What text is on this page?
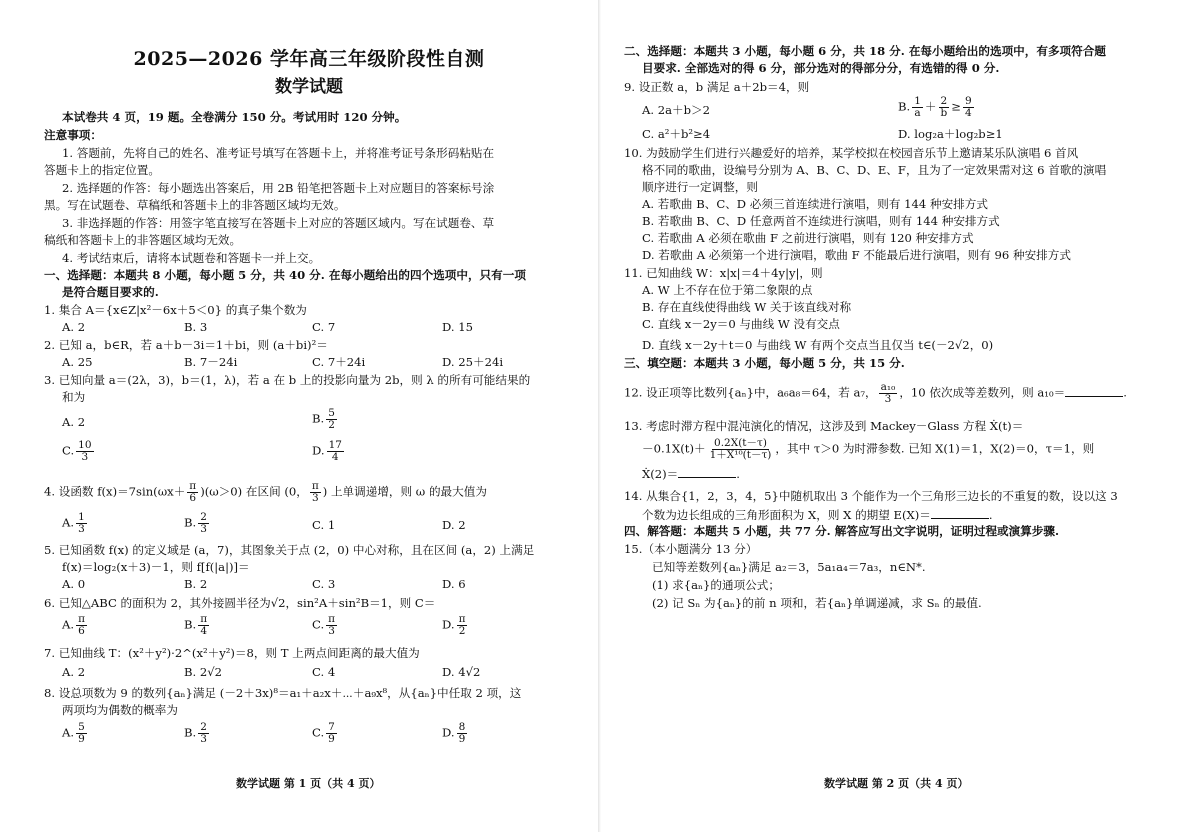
2025—2026 学年高三年级阶段性自测
数学试题
本试卷共 4 页，19 题。全卷满分 150 分。考试用时 120 分钟。
注意事项：
1. 答题前，先将自己的姓名、准考证号填写在答题卡上，并将准考证号条形码粘贴在
答题卡上的指定位置。
2. 选择题的作答：每小题选出答案后，用 2B 铅笔把答题卡上对应题目的答案标号涂
黑。写在试题卷、草稿纸和答题卡上的非答题区域均无效。
3. 非选择题的作答：用签字笔直接写在答题卡上对应的答题区域内。写在试题卷、草
稿纸和答题卡上的非答题区域均无效。
4. 考试结束后，请将本试题卷和答题卡一并上交。
一、选择题：本题共 8 小题，每小题 5 分，共 40 分. 在每小题给出的四个选项中，只有一项
是符合题目要求的.
1. 集合 A＝{x∈Z|x²－6x＋5＜0} 的真子集个数为
A. 2	B. 3	C. 7	D. 15
2. 已知 a，b∈R，若 a＋b－3i＝1＋bi，则 (a＋bi)²＝
A. 25	B. 7－24i	C. 7＋24i	D. 25＋24i
3. 已知向量 a＝(2λ，3)，b＝(1，λ)，若 a 在 b 上的投影向量为 2b，则 λ 的所有可能结果的
和为
A. 2	B. $\frac{5}{2}$
C. $\frac{10}{3}$	D. $\frac{17}{4}$
4. 设函数 $f(x)=7\sin(\omega x+ \frac{\pi}{6} )(\omega>0)$ 在区间 (0， $\frac{\pi}{3}$ ) 上单调递增，则 ω 的最大值为
A. $\frac{1}{3}$	B. $\frac{2}{3}$	C. 1	D. 2
5. 已知函数 f(x) 的定义域是 (a，7)，其图象关于点 (2，0) 中心对称，且在区间 (a，2) 上满足
f(x)＝log₂(x＋3)－1，则 f[f(|a|)]＝
A. 0	B. 2	C. 3	D. 6
6. 已知△ABC 的面积为 2，其外接圆半径为√2，sin²A＋sin²B＝1，则 C＝
A. $\frac{\pi}{6}$	B. $\frac{\pi}{4}$	C. $\frac{\pi}{3}$	D. $\frac{\pi}{2}$
7. 已知曲线 T：(x²＋y²)·2^(x²＋y²)＝8，则 T 上两点间距离的最大值为
A. 2	B. 2√2	C. 4	D. 4√2
8. 设总项数为 9 的数列{aₙ}满足 (－2＋3x)⁸＝a₁＋a₂x＋⋯＋a₉x⁸，从{aₙ}中任取 2 项，这
两项均为偶数的概率为
A. $\frac{5}{9}$	B. $\frac{2}{3}$	C. $\frac{7}{9}$	D. $\frac{8}{9}$
数学试题 第 1 页（共 4 页）
二、选择题：本题共 3 小题，每小题 6 分，共 18 分. 在每小题给出的选项中，有多项符合题
目要求. 全部选对的得 6 分，部分选对的得部分分，有选错的得 0 分.
9. 设正数 a，b 满足 a＋2b＝4，则
A. 2a＋b＞2	B. $\frac{1}{a} + \frac{2}{b} \ge \frac{9}{4}$
C. a²＋b²≥4	D. log₂a＋log₂b≥1
10. 为鼓励学生们进行兴趣爱好的培养，某学校拟在校园音乐节上邀请某乐队演唱 6 首风
格不同的歌曲，设编号分别为 A、B、C、D、E、F，且为了一定效果需对这 6 首歌的演唱
顺序进行一定调整，则
A. 若歌曲 B、C、D 必须三首连续进行演唱，则有 144 种安排方式
B. 若歌曲 B、C、D 任意两首不连续进行演唱，则有 144 种安排方式
C. 若歌曲 A 必须在歌曲 F 之前进行演唱，则有 120 种安排方式
D. 若歌曲 A 必须第一个进行演唱，歌曲 F 不能最后进行演唱，则有 96 种安排方式
11. 已知曲线 W：x|x|＝4＋4y|y|，则
A. W 上不存在位于第二象限的点
B. 存在直线使得曲线 W 关于该直线对称
C. 直线 x－2y＝0 与曲线 W 没有交点
D. 直线 x－2y＋t＝0 与曲线 W 有两个交点当且仅当 t∈(－2√2，0)
三、填空题：本题共 3 小题，每小题 5 分，共 15 分.
12. 设正项等比数列{aₙ}中，a₆a₈＝64，若 a₇， $\frac{\text{a₁₀}}{3}$ ，10 依次成等差数列，则 a₁₀＝	.
13. 考虑时滞方程中混沌演化的情况，这涉及到 Mackey－Glass 方程 Ẋ(t)＝
$-0.1X(t)+ \frac{0.2X(t-\tau)}{\text{1＋X¹⁰(t－τ)}}$ ，其中 τ＞0 为时滞参数. 已知 X(1)＝1，X(2)＝0，τ＝1，则
Ẋ(2)＝	.
14. 从集合{1，2，3，4，5}中随机取出 3 个能作为一个三角形三边长的不重复的数，设以这 3
个数为边长组成的三角形面积为 X，则 X 的期望 E(X)＝	.
四、解答题：本题共 5 小题，共 77 分. 解答应写出文字说明，证明过程或演算步骤.
15.（本小题满分 13 分）
已知等差数列{aₙ}满足 a₂＝3，5a₁a₄＝7a₃，n∈N*.
(1) 求{aₙ}的通项公式；
(2) 记 Sₙ 为{aₙ}的前 n 项和，若{aₙ}单调递减，求 Sₙ 的最值.
数学试题 第 2 页（共 4 页）
